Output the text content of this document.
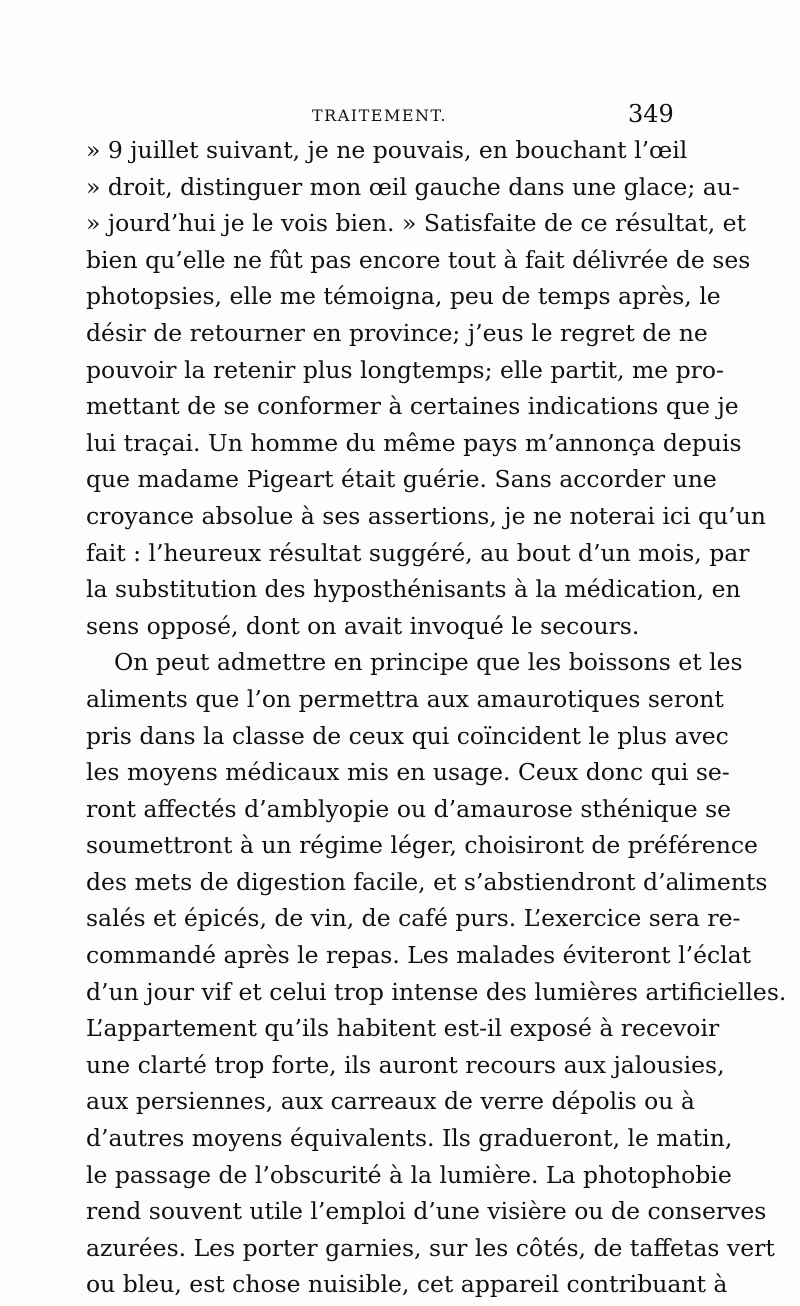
TRAITEMENT.	349
» 9 juillet suivant, je ne pouvais, en bouchant l’œil
» droit, distinguer mon œil gauche dans une glace; au-
» jourd’hui je le vois bien. » Satisfaite de ce résultat, et
bien qu’elle ne fût pas encore tout à fait délivrée de ses
photopsies, elle me témoigna, peu de temps après, le
désir de retourner en province; j’eus le regret de ne
pouvoir la retenir plus longtemps; elle partit, me pro-
mettant de se conformer à certaines indications que je
lui traçai. Un homme du même pays m’annonça depuis
que madame Pigeart était guérie. Sans accorder une
croyance absolue à ses assertions, je ne noterai ici qu’un
fait : l’heureux résultat suggéré, au bout d’un mois, par
la substitution des hyposthénisants à la médication, en
sens opposé, dont on avait invoqué le secours.
On peut admettre en principe que les boissons et les
aliments que l’on permettra aux amaurotiques seront
pris dans la classe de ceux qui coïncident le plus avec
les moyens médicaux mis en usage. Ceux donc qui se-
ront affectés d’amblyopie ou d’amaurose sthénique se
soumettront à un régime léger, choisiront de préférence
des mets de digestion facile, et s’abstiendront d’aliments
salés et épicés, de vin, de café purs. L’exercice sera re-
commandé après le repas. Les malades éviteront l’éclat
d’un jour vif et celui trop intense des lumières artificielles.
L’appartement qu’ils habitent est-il exposé à recevoir
une clarté trop forte, ils auront recours aux jalousies,
aux persiennes, aux carreaux de verre dépolis ou à
d’autres moyens équivalents. Ils gradueront, le matin,
le passage de l’obscurité à la lumière. La photophobie
rend souvent utile l’emploi d’une visière ou de conserves
azurées. Les porter garnies, sur les côtés, de taffetas vert
ou bleu, est chose nuisible, cet appareil contribuant à
